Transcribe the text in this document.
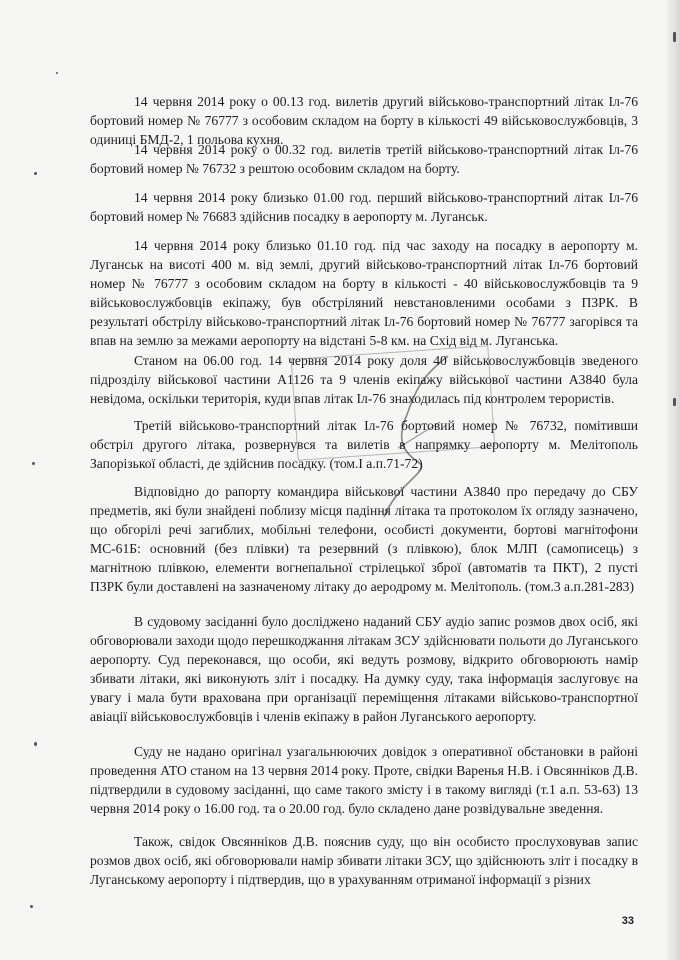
14 червня 2014 року о 00.13 год. вилетів другий військово-транспортний літак Іл-76 бортовий номер № 76777 з особовим складом на борту в кількості 49 військовослужбовців, 3 одиниці БМД-2, 1 польова кухня.

14 червня 2014 року о 00.32 год. вилетів третій військово-транспортний літак Іл-76 бортовий номер № 76732 з рештою особовим складом на борту.

14 червня 2014 року близько 01.00 год. перший військово-транспортний літак Іл-76 бортовий номер № 76683 здійснив посадку в аеропорту м. Луганськ.

14 червня 2014 року близько 01.10 год. під час заходу на посадку в аеропорту м. Луганськ на висоті 400 м. від землі, другий військово-транспортний літак Іл-76 бортовий номер № 76777 з особовим складом на борту в кількості - 40 військовослужбовців та 9 військовослужбовців екіпажу, був обстріляний невстановленими особами з ПЗРК. В результаті обстрілу військово-транспортний літак Іл-76 бортовий номер № 76777 загорівся та впав на землю за межами аеропорту на відстані 5-8 км. на Схід від м. Луганська.

Станом на 06.00 год. 14 червня 2014 року доля 40 військовослужбовців зведеного підрозділу військової частини А1126 та 9 членів екіпажу військової частини А3840 була невідома, оскільки територія, куди впав літак Іл-76 знаходилась під контролем терористів.

Третій військово-транспортний літак Іл-76 бортовий номер № 76732, помітивши обстріл другого літака, розвернувся та вилетів в напрямку аеропорту м. Мелітополь Запорізької області, де здійснив посадку. (том.І а.п.71-72)

Відповідно до рапорту командира військової частини А3840 про передачу до СБУ предметів, які були знайдені поблизу місця падіння літака та протоколом їх огляду зазначено, що обгорілі речі загиблих, мобільні телефони, особисті документи, бортові магнітофони МС-61Б: основний (без плівки) та резервний (з плівкою), блок МЛП (самописець) з магнітною плівкою, елементи вогнепальної стрілецької зброї (автоматів та ПКТ), 2 пусті ПЗРК були доставлені на зазначеному літаку до аеродрому м. Мелітополь. (том.3 а.п.281-283)

В судовому засіданні було досліджено наданий СБУ аудіо запис розмов двох осіб, які обговорювали заходи щодо перешкоджання літакам ЗСУ здійснювати польоти до Луганського аеропорту. Суд переконався, що особи, які ведуть розмову, відкрито обговорюють намір збивати літаки, які виконують зліт і посадку. На думку суду, така інформація заслуговує на увагу і мала бути врахована при організації переміщення літаками військово-транспортної авіації військовослужбовців і членів екіпажу в район Луганського аеропорту.

Суду не надано оригінал узагальнюючих довідок з оперативної обстановки в районі проведення АТО станом на 13 червня 2014 року. Проте, свідки Варенья Н.В. і Овсянніков Д.В. підтвердили в судовому засіданні, що саме такого змісту і в такому вигляді (т.1 а.п. 53-63) 13 червня 2014 року о 16.00 год. та о 20.00 год. було складено дане розвідувальне зведення.

Також, свідок Овсянніков Д.В. пояснив суду, що він особисто прослуховував запис розмов двох осіб, які обговорювали намір збивати літаки ЗСУ, що здійснюють зліт і посадку в Луганському аеропорту і підтвердив, що в урахуванням отриманої інформації з різних

33
